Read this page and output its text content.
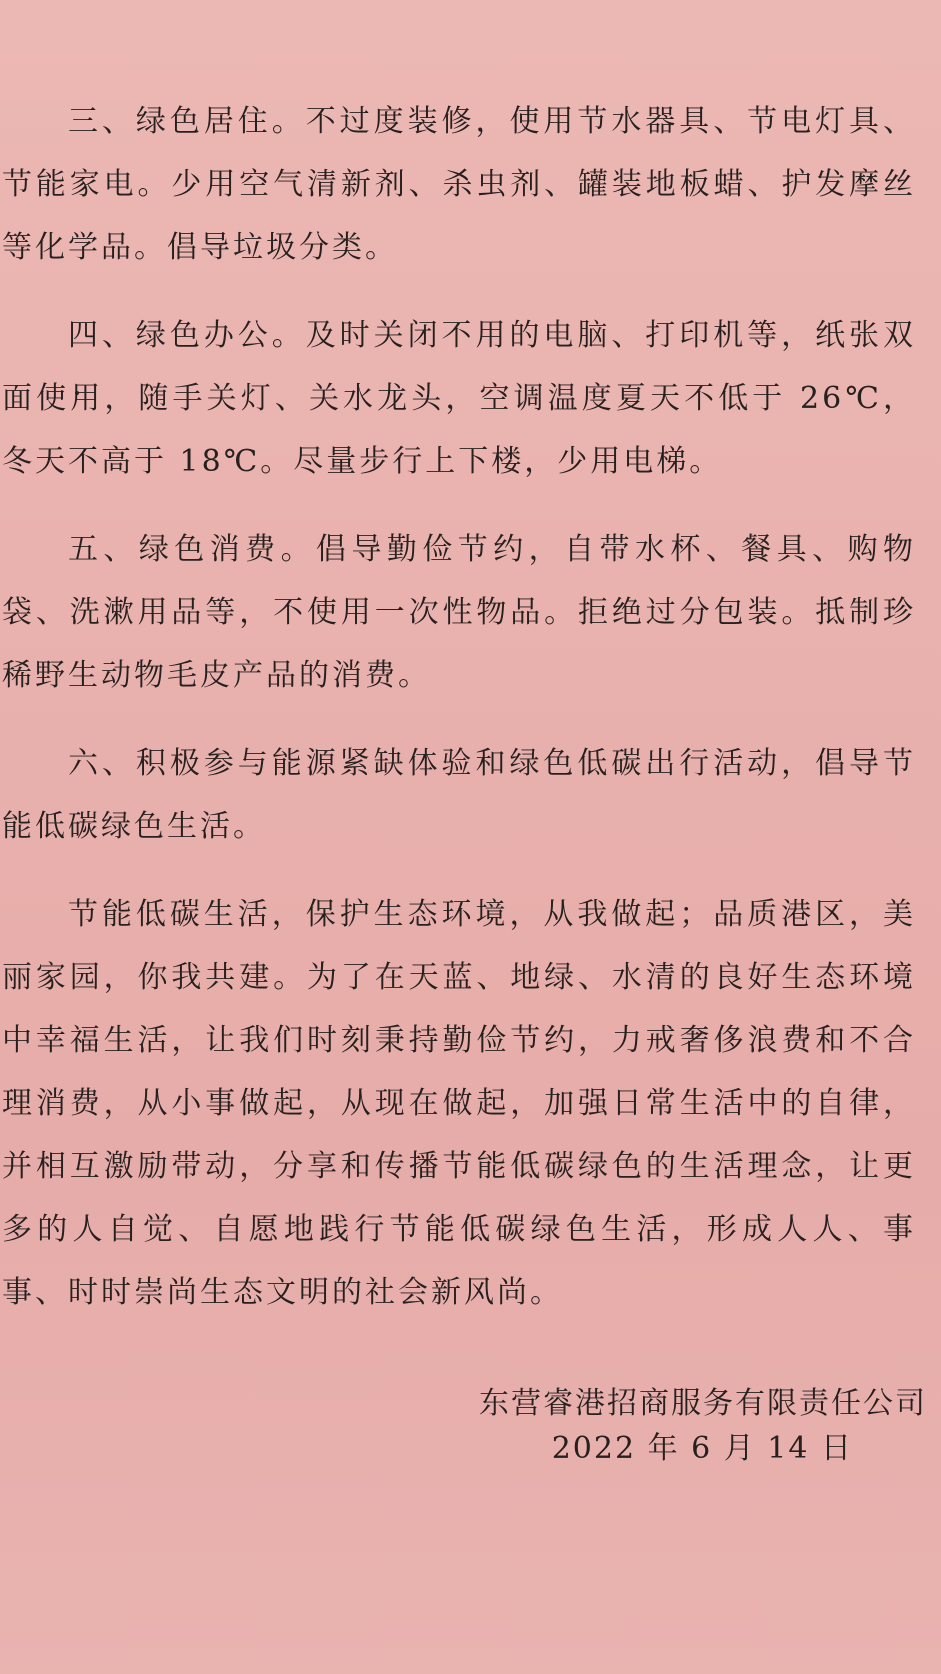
三、绿色居住。不过度装修，使用节水器具、节电灯具、节能家电。少用空气清新剂、杀虫剂、罐装地板蜡、护发摩丝等化学品。倡导垃圾分类。

四、绿色办公。及时关闭不用的电脑、打印机等，纸张双面使用，随手关灯、关水龙头，空调温度夏天不低于 26℃，冬天不高于 18℃。尽量步行上下楼，少用电梯。

五、绿色消费。倡导勤俭节约，自带水杯、餐具、购物袋、洗漱用品等，不使用一次性物品。拒绝过分包装。抵制珍稀野生动物毛皮产品的消费。

六、积极参与能源紧缺体验和绿色低碳出行活动，倡导节能低碳绿色生活。

节能低碳生活，保护生态环境，从我做起；品质港区，美丽家园，你我共建。为了在天蓝、地绿、水清的良好生态环境中幸福生活，让我们时刻秉持勤俭节约，力戒奢侈浪费和不合理消费，从小事做起，从现在做起，加强日常生活中的自律，并相互激励带动，分享和传播节能低碳绿色的生活理念，让更多的人自觉、自愿地践行节能低碳绿色生活，形成人人、事事、时时崇尚生态文明的社会新风尚。

东营睿港招商服务有限责任公司
2022 年 6 月 14 日
